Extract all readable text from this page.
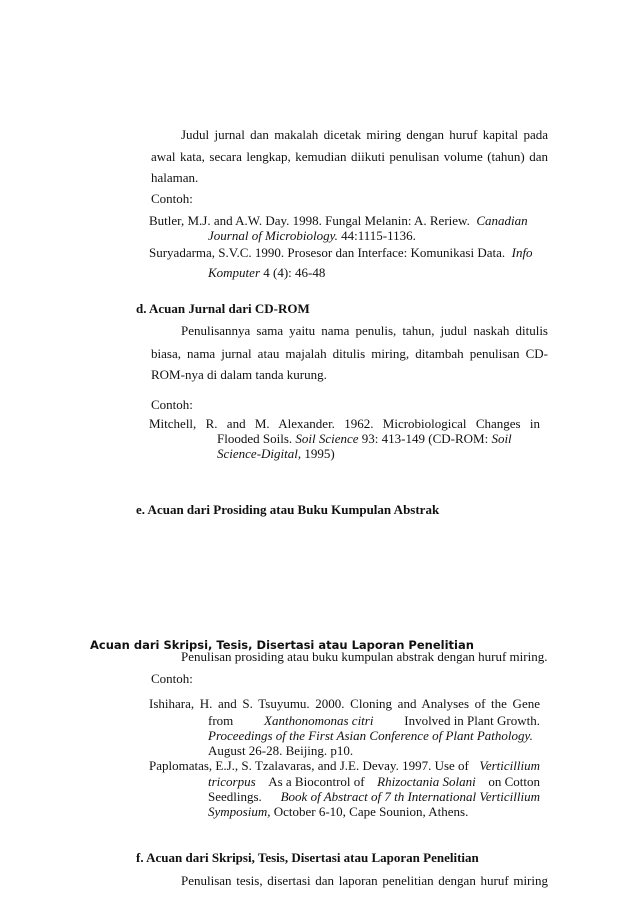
Judul jurnal dan makalah dicetak miring dengan huruf kapital pada
awal kata, secara lengkap, kemudian diikuti penulisan volume (tahun) dan
halaman.
Contoh:
Butler, M.J. and A.W. Day. 1998. Fungal Melanin: A. Reriew. Canadian
Journal of Microbiology. 44:1115-1136.
Suryadarma, S.V.C. 1990. Prosesor dan Interface: Komunikasi Data. Info
Komputer 4 (4): 46-48
d. Acuan Jurnal dari CD-ROM
Penulisannya sama yaitu nama penulis, tahun, judul naskah ditulis
biasa, nama jurnal atau majalah ditulis miring, ditambah penulisan CD-
ROM-nya di dalam tanda kurung.
Contoh:
Mitchell, R. and M. Alexander. 1962. Microbiological Changes in
Flooded Soils. Soil Science 93: 413-149 (CD-ROM: Soil
Science-Digital, 1995)
e. Acuan dari Prosiding atau Buku Kumpulan Abstrak
Penulisan prosiding atau buku kumpulan abstrak dengan huruf miring.
Acuan dari Skripsi, Tesis, Disertasi atau Laporan Penelitian
Contoh:
Ishihara, H. and S. Tsuyumu. 2000. Cloning and Analyses of the Gene
from Xanthonomonas citri Involved in Plant Growth.
Proceedings of the First Asian Conference of Plant Pathology.
August 26-28. Beijing. p10.
Paplomatas, E.J., S. Tzalavaras, and J.E. Devay. 1997. Use of Verticillium
tricorpus As a Biocontrol of Rhizoctania Solani on Cotton
Seedlings. Book of Abstract of 7 th International Verticillium
Symposium, October 6-10, Cape Sounion, Athens.
f. Acuan dari Skripsi, Tesis, Disertasi atau Laporan Penelitian
Penulisan tesis, disertasi dan laporan penelitian dengan huruf miring
